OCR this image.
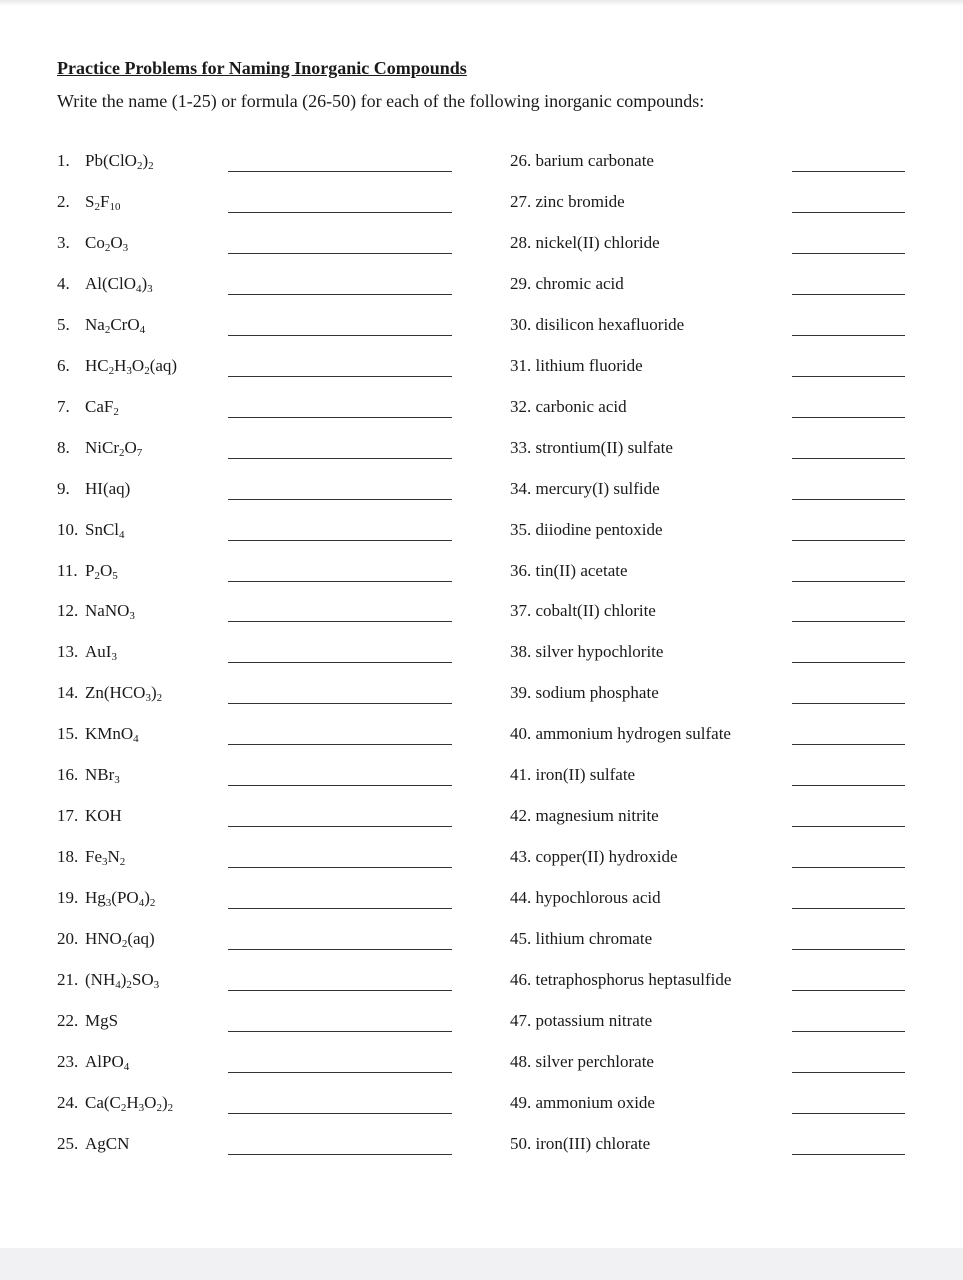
Practice Problems for Naming Inorganic Compounds
Write the name (1-25) or formula (26-50) for each of the following inorganic compounds:
1. $Pb(ClO_2)_2$
2. $S_2F_{10}$
3. $Co_2O_3$
4. $Al(ClO_4)_3$
5. $Na_2CrO_4$
6. $HC_2H_3O_2(aq)$
7. CaF$_2$
8. $NiCr_2O_7$
9. HI(aq)
10. SnCl$_4$
11. $P_2O_5$
12. NaNO$_3$
13. AuI$_3$
14. $Zn(HCO_3)_2$
15. KMnO$_4$
16. NBr$_3$
17. KOH
18. $Fe_3N_2$
19. $Hg_3(PO_4)_2$
20. $HNO_2(aq)$
21. $(NH_4)_2SO_3$
22. MgS
23. AlPO$_4$
24. $Ca(C_2H_3O_2)_2$
25. AgCN
26. barium carbonate
27. zinc bromide
28. nickel(II) chloride
29. chromic acid
30. disilicon hexafluoride
31. lithium fluoride
32. carbonic acid
33. strontium(II) sulfate
34. mercury(I) sulfide
35. diiodine pentoxide
36. tin(II) acetate
37. cobalt(II) chlorite
38. silver hypochlorite
39. sodium phosphate
40. ammonium hydrogen sulfate
41. iron(II) sulfate
42. magnesium nitrite
43. copper(II) hydroxide
44. hypochlorous acid
45. lithium chromate
46. tetraphosphorus heptasulfide
47. potassium nitrate
48. silver perchlorate
49. ammonium oxide
50. iron(III) chlorate
